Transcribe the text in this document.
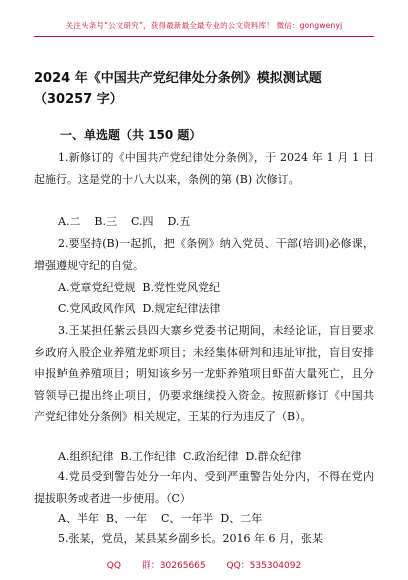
关注头条号“公文研究”，获得最新最全最专业的公文资料库！ 微信：gongwenyj
2024 年《中国共产党纪律处分条例》模拟测试题（30257 字）
一、单选题（共 150 题）
1.新修订的《中国共产党纪律处分条例》，于 2024 年 1 月 1 日起施行。这是党的十八大以来，条例的第 (B) 次修订。
A.二    B.三    C.四    D.五
2.要坚持(B)一起抓，把《条例》纳入党员、干部(培训)必修课，增强遵规守纪的自觉。
A.党章党纪党规  B.党性党风党纪
C.党风政风作风  D.规定纪律法律
3.王某担任紫云县四大寨乡党委书记期间，未经论证，盲目要求乡政府入股企业养殖龙虾项目；未经集体研判和违址审批，盲目安排申报鲈鱼养殖项目；明知该乡另一龙虾养殖项目虾苗大量死亡，且分管领导已提出终止项目，仍要求继续投入资金。按照新修订《中国共产党纪律处分条例》相关规定，王某的行为违反了（B）。
A.组织纪律  B.工作纪律  C.政治纪律  D.群众纪律
4.党员受到警告处分一年内、受到严重警告处分内，不得在党内提拔职务或者进一步使用。（C）
A、半年  B、一年    C、一年半  D、二年
5.张某，党员，某县某乡副乡长。2016 年 6 月，张某
QQ 群：30265665 QQ：535304092
